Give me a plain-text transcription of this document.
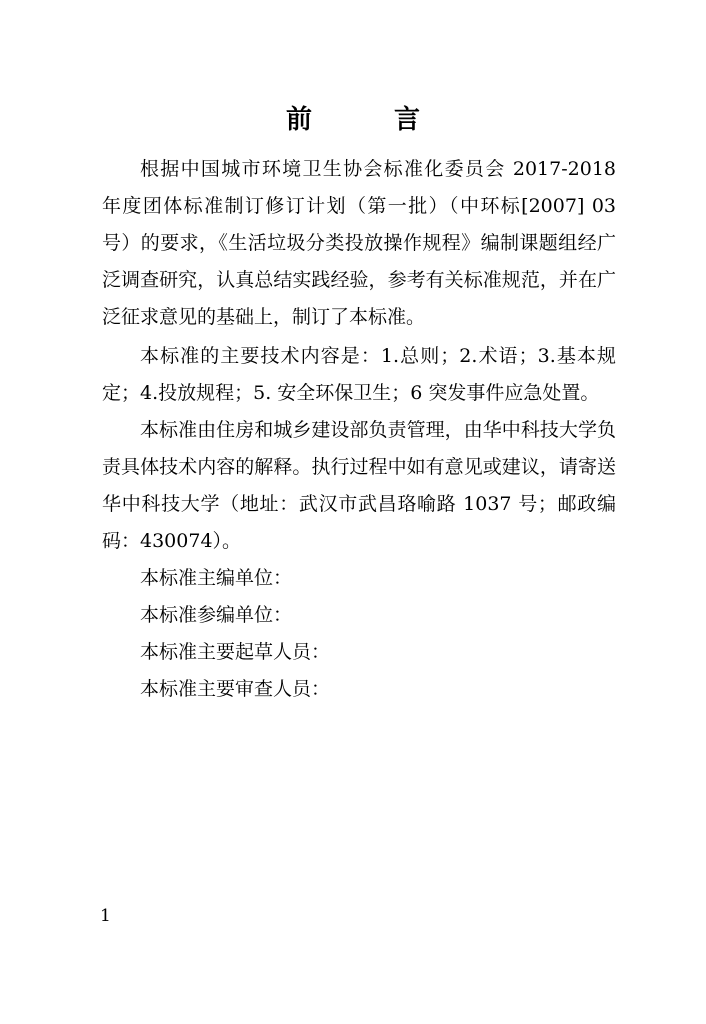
前　言

根据中国城市环境卫生协会标准化委员会 2017-2018 年度团体标准制订修订计划（第一批）（中环标[2007] 03 号）的要求，《生活垃圾分类投放操作规程》编制课题组经广泛调查研究，认真总结实践经验，参考有关标准规范，并在广泛征求意见的基础上，制订了本标准。

本标准的主要技术内容是：1.总则；2.术语；3.基本规定；4.投放规程；5. 安全环保卫生；6 突发事件应急处置。

本标准由住房和城乡建设部负责管理，由华中科技大学负责具体技术内容的解释。执行过程中如有意见或建议，请寄送华中科技大学（地址：武汉市武昌珞喻路 1037 号；邮政编码：430074）。

本标准主编单位：

本标准参编单位：

本标准主要起草人员：

本标准主要审查人员：

1
